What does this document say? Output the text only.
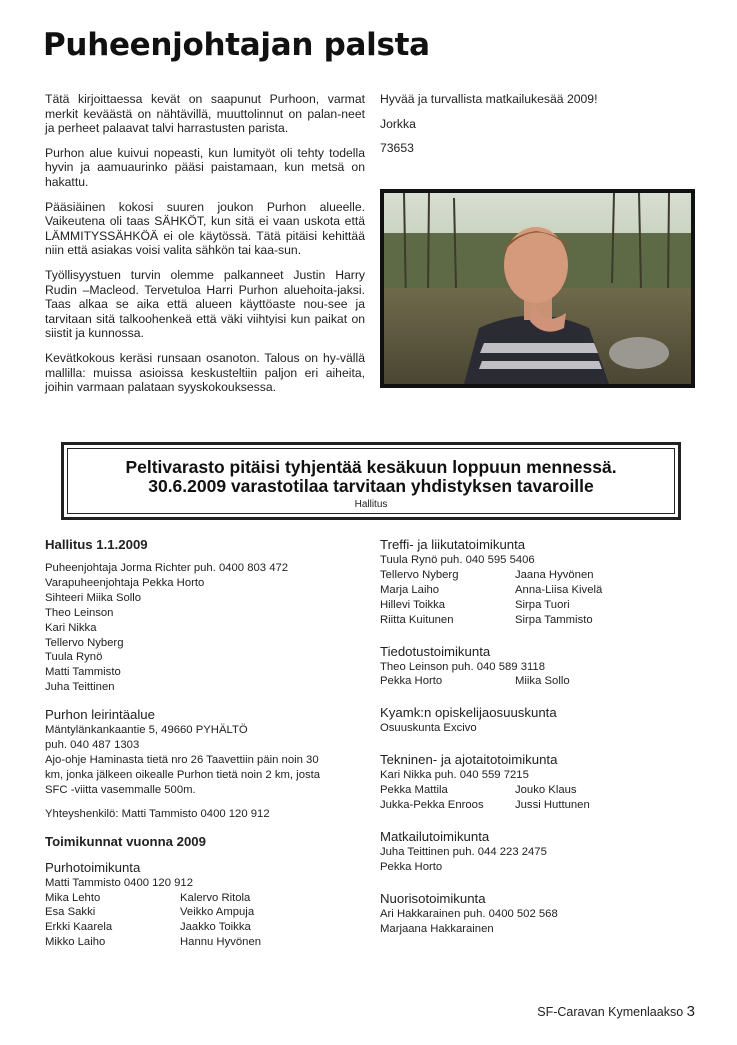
Puheenjohtajan palsta

Tätä kirjoittaessa kevät on saapunut Purhoon, varmat merkit keväästä on nähtävillä, muuttolinnut on palan-neet ja perheet palaavat talvi harrastusten parista.

Purhon alue kuivui nopeasti, kun lumityöt oli tehty todella hyvin ja aamuaurinko pääsi paistamaan, kun metsä on hakattu.

Pääsiäinen kokosi suuren joukon Purhon alueelle. Vaikeutena oli taas SÄHKÖT, kun sitä ei vaan uskota että LÄMMITYSSÄHKÖÄ ei ole käytössä. Tätä pitäisi kehittää niin että asiakas voisi valita sähkön tai kaa-sun.

Työllisyystuen turvin olemme palkanneet Justin Harry Rudin –Macleod. Tervetuloa Harri Purhon aluehoita-jaksi. Taas alkaa se aika että alueen käyttöaste nou-see ja tarvitaan sitä talkoohenkeä että väki viihtyisi kun paikat on siistit ja kunnossa.

Kevätkokous keräsi runsaan osanoton. Talous on hy-vällä mallilla: muissa asioissa keskusteltiin paljon eri aiheita, joihin varmaan palataan syyskokouksessa.

Hyvää ja turvallista matkailukesää 2009!

Jorkka

73653

Peltivarasto pitäisi tyhjentää kesäkuun loppuun mennessä.
30.6.2009 varastotilaa tarvitaan yhdistyksen tavaroille
Hallitus
Hallitus 1.1.2009
Puheenjohtaja Jorma Richter puh. 0400 803 472
Varapuheenjohtaja Pekka Horto
Sihteeri Miika Sollo
Theo Leinson
Kari Nikka
Tellervo Nyberg
Tuula Rynö
Matti Tammisto
Juha Teittinen
Purhon leirintäalue
Mäntylänkankaantie 5, 49660 PYHÄLTÖ
puh. 040 487 1303
Ajo-ohje Haminasta tietä nro 26 Taavettiin päin noin 30
km, jonka jälkeen oikealle Purhon tietä noin 2 km, josta
SFC -viitta vasemmalle 500m.
Yhteyshenkilö: Matti Tammisto 0400 120 912
Toimikunnat vuonna 2009
Purhotoimikunta
Matti Tammisto 0400 120 912
Mika Lehto	Kalervo Ritola
Esa Sakki	Veikko Ampuja
Erkki Kaarela	Jaakko Toikka
Mikko Laiho	Hannu Hyvönen
Treffi- ja liikutatoimikunta
Tuula Rynö puh. 040 595 5406
Tellervo Nyberg	Jaana Hyvönen
Marja Laiho	Anna-Liisa Kivelä
Hillevi Toikka	Sirpa Tuori
Riitta Kuitunen	Sirpa Tammisto
Tiedotustoimikunta
Theo Leinson puh. 040 589 3118
Pekka Horto	Miika Sollo
Kyamk:n opiskelijaosuuskunta
Osuuskunta Excivo
Tekninen- ja ajotaitotoimikunta
Kari Nikka puh. 040 559 7215
Pekka Mattila	Jouko Klaus
Jukka-Pekka Enroos	Jussi Huttunen
Matkailutoimikunta
Juha Teittinen puh. 044 223 2475
Pekka Horto
Nuorisotoimikunta
Ari Hakkarainen puh. 0400 502 568
Marjaana Hakkarainen
SF-Caravan Kymenlaakso 3
